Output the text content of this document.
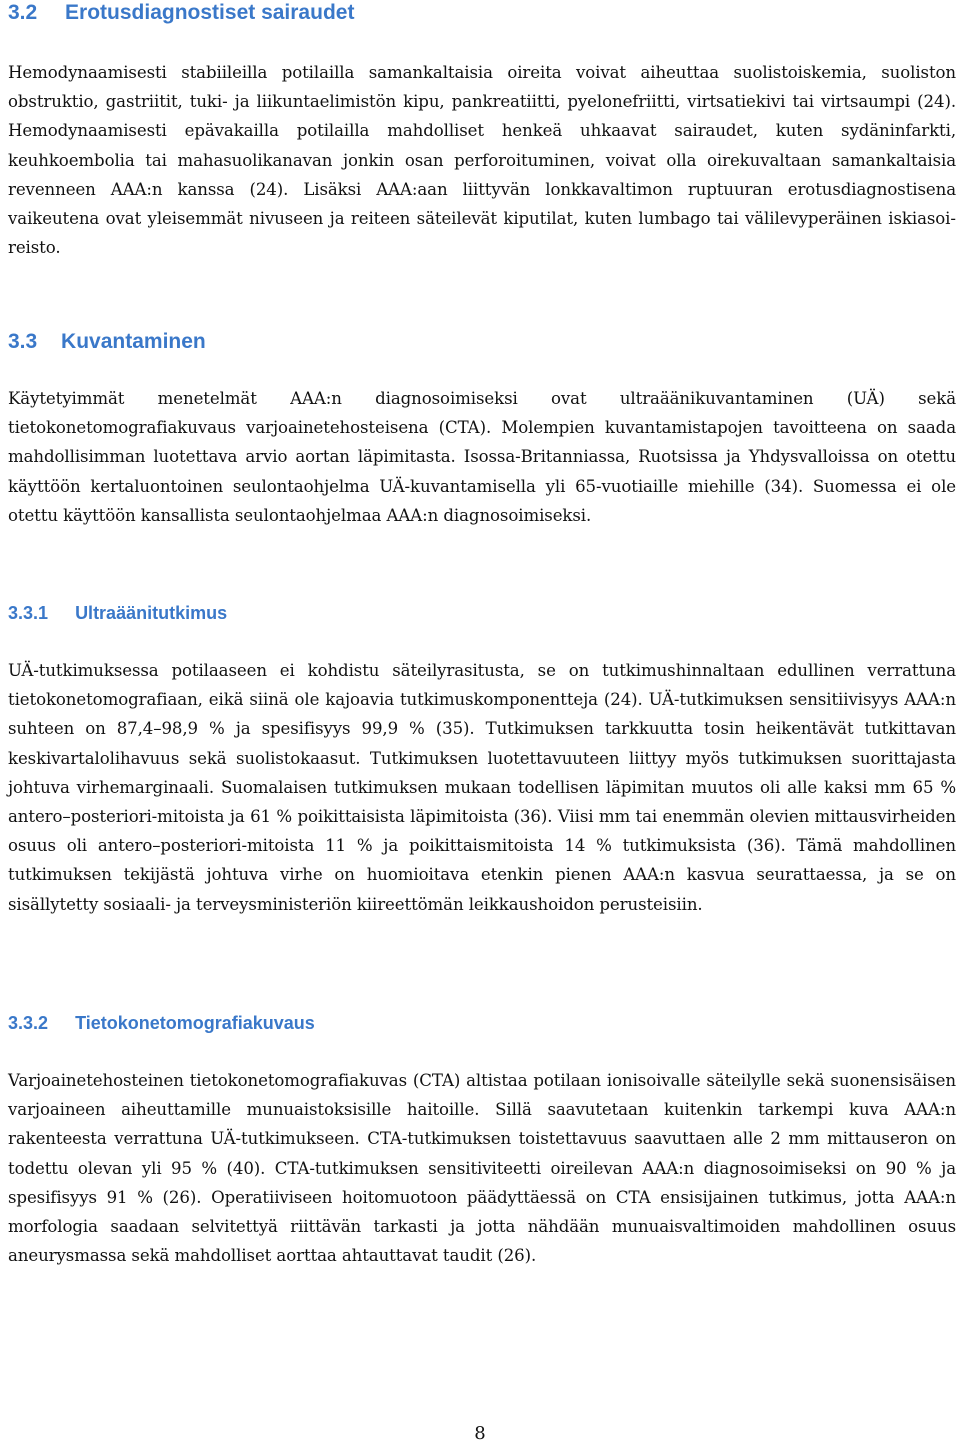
3.2 Erotusdiagnostiset sairaudet

Hemodynaamisesti stabiileilla potilailla samankaltaisia oireita voivat aiheuttaa suolistoiskemia, suoliston obstruktio, gastriitit, tuki- ja liikuntaelimistön kipu, pankreatiitti, pyelonefriitti, virtsatiekivi tai virtsaumpi (24). Hemodynaamisesti epävakailla potilailla mahdolliset henkeä uhkaavat sairaudet, kuten sydäninfarkti, keuhkoembolia tai mahasuolikanavan jonkin osan perforoituminen, voivat olla oirekuvaltaan samankaltaisia revenneen AAA:n kanssa (24). Lisäksi AAA:aan liittyvän lonkkavaltimon ruptuuran erotusdiagnostisena vaikeutena ovat yleisemmät nivuseen ja reiteen säteilevät kiputilat, kuten lumbago tai välilevyperäinen iskiasoireisto.

3.3 Kuvantaminen

Käytetyimmät menetelmät AAA:n diagnosoimiseksi ovat ultraäänikuvantaminen (UÄ) sekä tietokonetomografiakuvaus varjoainetehosteisena (CTA). Molempien kuvantamistapojen tavoitteena on saada mahdollisimman luotettava arvio aortan läpimitasta. Isossa-Britanniassa, Ruotsissa ja Yhdysvalloissa on otettu käyttöön kertaluontoinen seulontaohjelma UÄ-kuvantamisella yli 65-vuotiaille miehille (34). Suomessa ei ole otettu käyttöön kansallista seulontaohjelmaa AAA:n diagnosoimiseksi.

3.3.1 Ultraäänitutkimus

UÄ-tutkimuksessa potilaaseen ei kohdistu säteilyrasitusta, se on tutkimushinnaltaan edullinen verrattuna tietokonetomografiaan, eikä siinä ole kajoavia tutkimuskomponentteja (24). UÄ-tutkimuksen sensitiivisyys AAA:n suhteen on 87,4–98,9 % ja spesifisyys 99,9 % (35). Tutkimuksen tarkkuutta tosin heikentävät tutkittavan keskivartalolihavuus sekä suolistokaasut. Tutkimuksen luotettavuuteen liittyy myös tutkimuksen suorittajasta johtuva virhemarginaali. Suomalaisen tutkimuksen mukaan todellisen läpimitan muutos oli alle kaksi mm 65 % antero–posteriori-mitoista ja 61 % poikittaisista läpimitoista (36). Viisi mm tai enemmän olevien mittausvirheiden osuus oli antero–posteriori-mitoista 11 % ja poikittaismitoista 14 % tutkimuksista (36). Tämä mahdollinen tutkimuksen tekijästä johtuva virhe on huomioitava etenkin pienen AAA:n kasvua seurattaessa, ja se on sisällytetty sosiaali- ja terveysministeriön kiireettömän leikkaushoidon perusteisiin.

3.3.2 Tietokonetomografiakuvaus

Varjoainetehosteinen tietokonetomografiakuvas (CTA) altistaa potilaan ionisoivalle säteilylle sekä suonensisäisen varjoaineen aiheuttamille munuaistoksisille haitoille. Sillä saavutetaan kuitenkin tarkempi kuva AAA:n rakenteesta verrattuna UÄ-tutkimukseen. CTA-tutkimuksen toistettavuus saavuttaen alle 2 mm mittauseron on todettu olevan yli 95 % (40). CTA-tutkimuksen sensitiviteetti oireilevan AAA:n diagnosoimiseksi on 90 % ja spesifisyys 91 % (26). Operatiiviseen hoitomuotoon päädyttäessä on CTA ensisijainen tutkimus, jotta AAA:n morfologia saadaan selvitettyä riittävän tarkasti ja jotta nähdään munuaisvaltimoiden mahdollinen osuus aneurysmassa sekä mahdolliset aorttaa ahtauttavat taudit (26).

8
